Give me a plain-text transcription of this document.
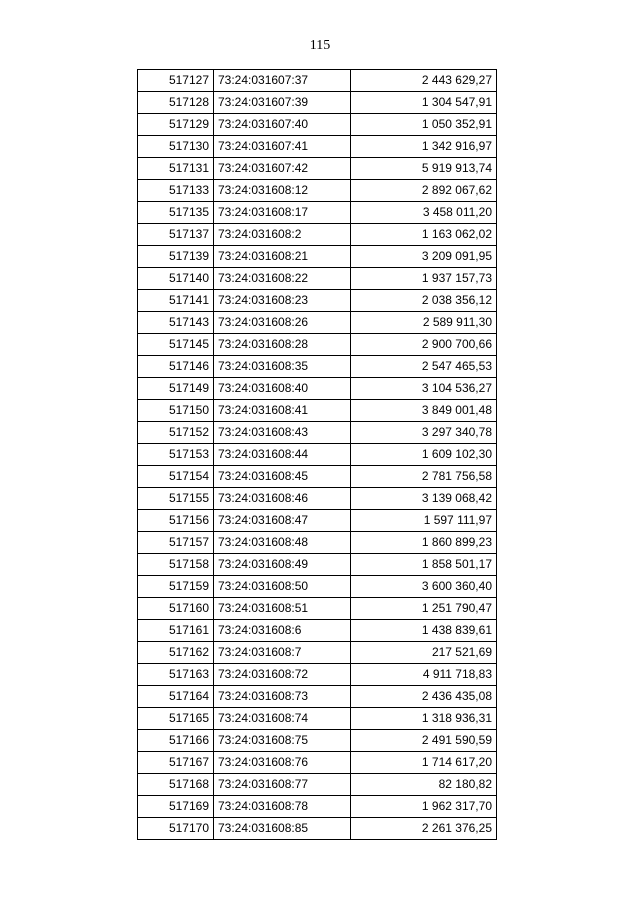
115
517127	73:24:031607:37	2 443 629,27
517128	73:24:031607:39	1 304 547,91
517129	73:24:031607:40	1 050 352,91
517130	73:24:031607:41	1 342 916,97
517131	73:24:031607:42	5 919 913,74
517133	73:24:031608:12	2 892 067,62
517135	73:24:031608:17	3 458 011,20
517137	73:24:031608:2	1 163 062,02
517139	73:24:031608:21	3 209 091,95
517140	73:24:031608:22	1 937 157,73
517141	73:24:031608:23	2 038 356,12
517143	73:24:031608:26	2 589 911,30
517145	73:24:031608:28	2 900 700,66
517146	73:24:031608:35	2 547 465,53
517149	73:24:031608:40	3 104 536,27
517150	73:24:031608:41	3 849 001,48
517152	73:24:031608:43	3 297 340,78
517153	73:24:031608:44	1 609 102,30
517154	73:24:031608:45	2 781 756,58
517155	73:24:031608:46	3 139 068,42
517156	73:24:031608:47	1 597 111,97
517157	73:24:031608:48	1 860 899,23
517158	73:24:031608:49	1 858 501,17
517159	73:24:031608:50	3 600 360,40
517160	73:24:031608:51	1 251 790,47
517161	73:24:031608:6	1 438 839,61
517162	73:24:031608:7	217 521,69
517163	73:24:031608:72	4 911 718,83
517164	73:24:031608:73	2 436 435,08
517165	73:24:031608:74	1 318 936,31
517166	73:24:031608:75	2 491 590,59
517167	73:24:031608:76	1 714 617,20
517168	73:24:031608:77	82 180,82
517169	73:24:031608:78	1 962 317,70
517170	73:24:031608:85	2 261 376,25
